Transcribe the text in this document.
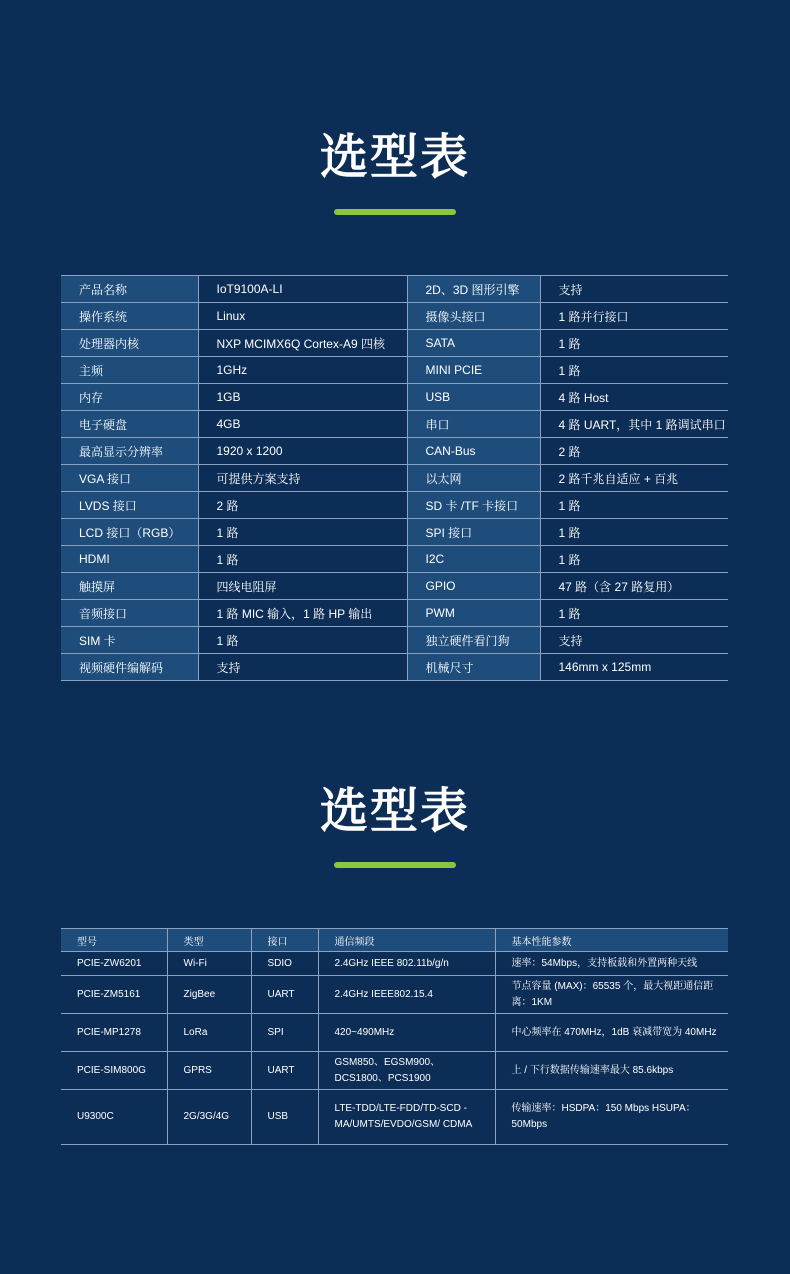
选型表
产品名称	IoT9100A-LI	2D、3D 图形引擎	支持
操作系统	Linux	摄像头接口	1 路并行接口
处理器内核	NXP MCIMX6Q Cortex-A9 四核	SATA	1 路
主频	1GHz	MINI PCIE	1 路
内存	1GB	USB	4 路 Host
电子硬盘	4GB	串口	4 路 UART，其中 1 路调试串口
最高显示分辨率	1920 x 1200	CAN-Bus	2 路
VGA 接口	可提供方案支持	以太网	2 路千兆自适应 + 百兆
LVDS 接口	2 路	SD 卡 /TF 卡接口	1 路
LCD 接口（RGB）	1 路	SPI 接口	1 路
HDMI	1 路	I2C	1 路
触摸屏	四线电阻屏	GPIO	47 路（含 27 路复用）
音频接口	1 路 MIC 输入，1 路 HP 输出	PWM	1 路
SIM 卡	1 路	独立硬件看门狗	支持
视频硬件编解码	支持	机械尺寸	146mm x 125mm
选型表
型号	类型	接口	通信频段	基本性能参数
PCIE-ZW6201	Wi-Fi	SDIO	2.4GHz IEEE 802.11b/g/n	速率：54Mbps，支持板载和外置两种天线
PCIE-ZM5161	ZigBee	UART	2.4GHz IEEE802.15.4	节点容量 (MAX)：65535 个，最大视距通信距离：1KM
PCIE-MP1278	LoRa	SPI	420~490MHz	中心频率在 470MHz，1dB 衰减带宽为 40MHz
PCIE-SIM800G	GPRS	UART	GSM850、EGSM900、DCS1800、PCS1900	上 / 下行数据传输速率最大 85.6kbps
U9300C	2G/3G/4G	USB	LTE-TDD/LTE-FDD/TD-SCD - MA/UMTS/EVDO/GSM/ CDMA	传输速率：HSDPA：150 Mbps HSUPA：50Mbps
